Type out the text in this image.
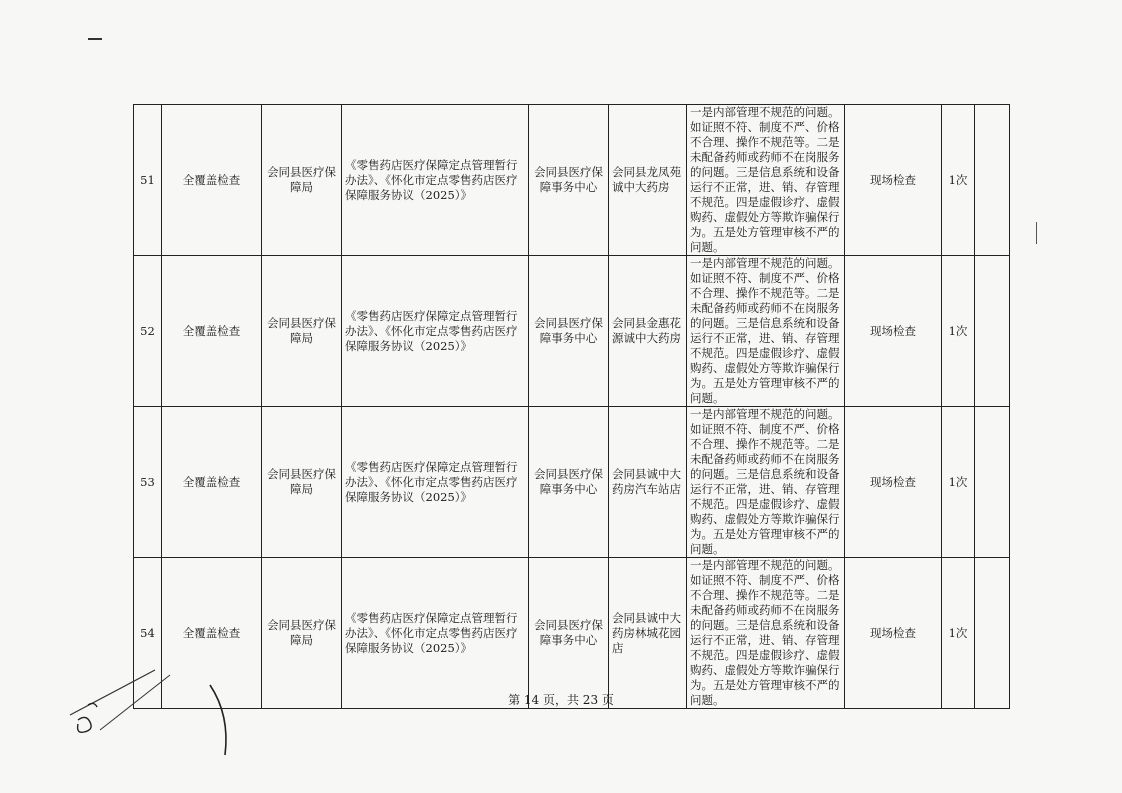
51	全覆盖检查	会同县医疗保障局	《零售药店医疗保障定点管理暂行办法》、《怀化市定点零售药店医疗保障服务协议（2025）》	会同县医疗保障事务中心	会同县龙凤苑诚中大药房	一是内部管理不规范的问题。如证照不符、制度不严、价格不合理、操作不规范等。二是未配备药师或药师不在岗服务的问题。三是信息系统和设备运行不正常，进、销、存管理不规范。四是虚假诊疗、虚假购药、虚假处方等欺诈骗保行为。五是处方管理审核不严的问题。	现场检查	1次	
52	全覆盖检查	会同县医疗保障局	《零售药店医疗保障定点管理暂行办法》、《怀化市定点零售药店医疗保障服务协议（2025）》	会同县医疗保障事务中心	会同县金惠花源诚中大药房	一是内部管理不规范的问题。如证照不符、制度不严、价格不合理、操作不规范等。二是未配备药师或药师不在岗服务的问题。三是信息系统和设备运行不正常，进、销、存管理不规范。四是虚假诊疗、虚假购药、虚假处方等欺诈骗保行为。五是处方管理审核不严的问题。	现场检查	1次	
53	全覆盖检查	会同县医疗保障局	《零售药店医疗保障定点管理暂行办法》、《怀化市定点零售药店医疗保障服务协议（2025）》	会同县医疗保障事务中心	会同县诚中大药房汽车站店	一是内部管理不规范的问题。如证照不符、制度不严、价格不合理、操作不规范等。二是未配备药师或药师不在岗服务的问题。三是信息系统和设备运行不正常，进、销、存管理不规范。四是虚假诊疗、虚假购药、虚假处方等欺诈骗保行为。五是处方管理审核不严的问题。	现场检查	1次	
54	全覆盖检查	会同县医疗保障局	《零售药店医疗保障定点管理暂行办法》、《怀化市定点零售药店医疗保障服务协议（2025）》	会同县医疗保障事务中心	会同县诚中大药房林城花园店	一是内部管理不规范的问题。如证照不符、制度不严、价格不合理、操作不规范等。二是未配备药师或药师不在岗服务的问题。三是信息系统和设备运行不正常，进、销、存管理不规范。四是虚假诊疗、虚假购药、虚假处方等欺诈骗保行为。五是处方管理审核不严的问题。	现场检查	1次	
第 14 页，共 23 页
